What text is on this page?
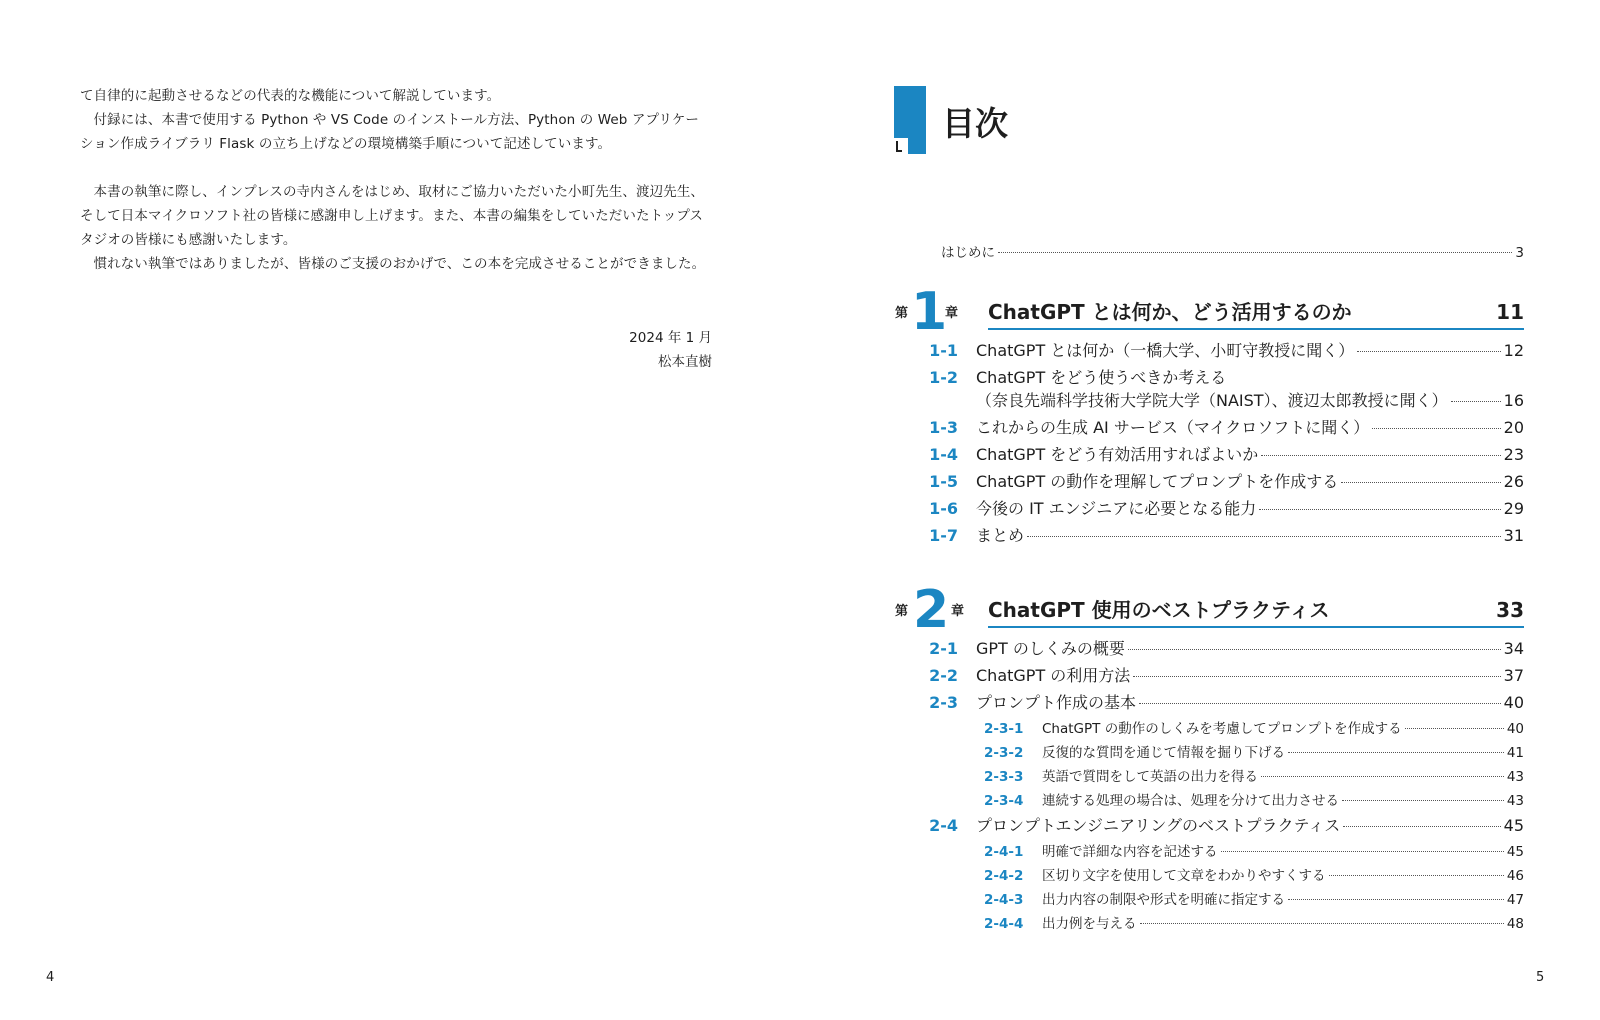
て自律的に起動させるなどの代表的な機能について解説しています。

付録には、本書で使用する Python や VS Code のインストール方法、Python の Web アプリケーション作成ライブラリ Flask の立ち上げなどの環境構築手順について記述しています。

本書の執筆に際し、インプレスの寺内さんをはじめ、取材にご協力いただいた小町先生、渡辺先生、そして日本マイクロソフト社の皆様に感謝申し上げます。また、本書の編集をしていただいたトップスタジオの皆様にも感謝いたします。

慣れない執筆ではありましたが、皆様のご支援のおかげで、この本を完成させることができました。

2024 年 1 月
松本直樹
4
目次
はじめに	3
第 1
章 ChatGPT とは何か、どう活用するのか	11
1-1 ChatGPT とは何か（一橋大学、小町守教授に聞く）	12
1-2 ChatGPT をどう使うべきか考える
（奈良先端科学技術大学院大学（NAIST）、渡辺太郎教授に聞く）	16
1-3 これからの生成 AI サービス（マイクロソフトに聞く）	20
1-4 ChatGPT をどう有効活用すればよいか	23
1-5 ChatGPT の動作を理解してプロンプトを作成する	26
1-6 今後の IT エンジニアに必要となる能力	29
1-7 まとめ	31
第 2 章 ChatGPT 使用のベストプラクティス	33
2-1 GPT のしくみの概要	34
2-2 ChatGPT の利用方法	37
2-3 プロンプト作成の基本	40
2-3-1	ChatGPT の動作のしくみを考慮してプロンプトを作成する	40
2-3-2	反復的な質問を通じて情報を掘り下げる	41
2-3-3	英語で質問をして英語の出力を得る	43
2-3-4	連続する処理の場合は、処理を分けて出力させる	43
2-4 プロンプトエンジニアリングのベストプラクティス	45
2-4-1	明確で詳細な内容を記述する	45
2-4-2	区切り文字を使用して文章をわかりやすくする	46
2-4-3	出力内容の制限や形式を明確に指定する	47
2-4-4	出力例を与える	48
5
